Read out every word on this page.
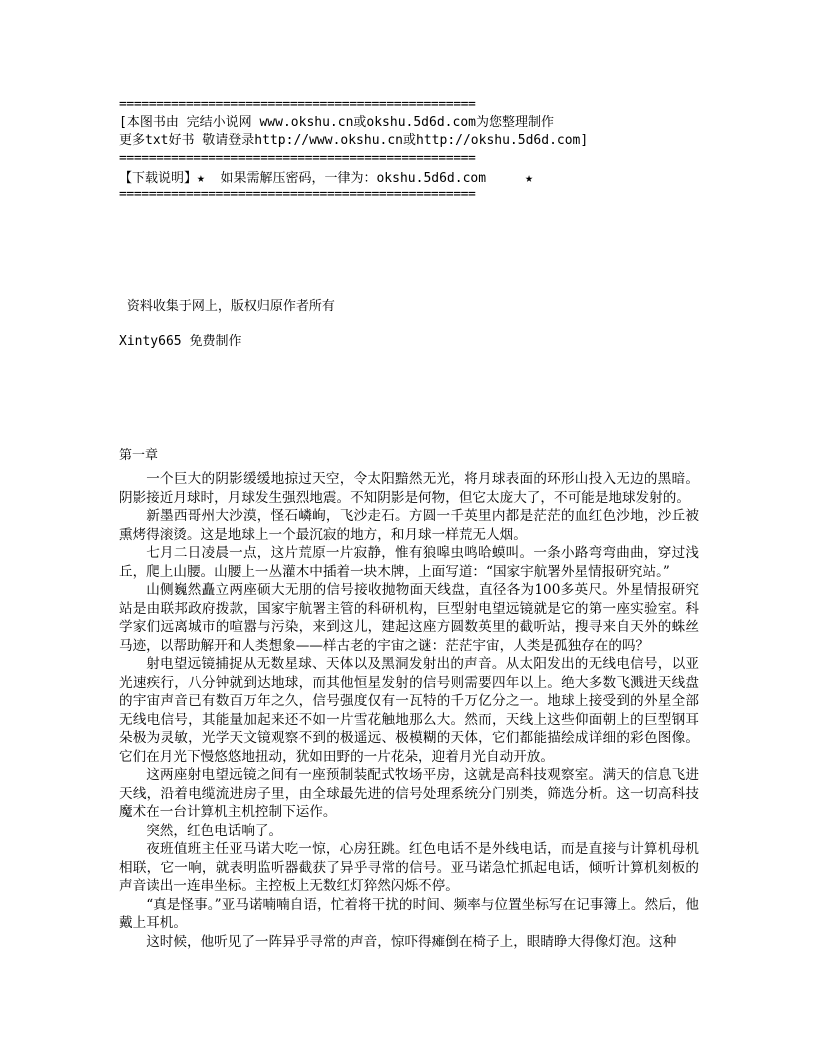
================================================
[本图书由 完结小说网 www.okshu.cn或okshu.5d6d.com为您整理制作
更多txt好书 敬请登录http://www.okshu.cn或http://okshu.5d6d.com]
================================================
【下载说明】★  如果需解压密码，一律为：okshu.5d6d.com     ★
================================================
资料收集于网上，版权归原作者所有
Xinty665 免费制作
第一章

一个巨大的阴影缓缓地掠过天空，令太阳黯然无光，将月球表面的环形山投入无边的黑暗。阴影接近月球时，月球发生强烈地震。不知阴影是何物，但它太庞大了，不可能是地球发射的。

新墨西哥州大沙漠，怪石嶙峋，飞沙走石。方圆一千英里内都是茫茫的血红色沙地，沙丘被熏烤得滚烫。这是地球上一个最沉寂的地方，和月球一样荒无人烟。

七月二日凌晨一点，这片荒原一片寂静，惟有狼嗥虫鸣哈蟆叫。一条小路弯弯曲曲，穿过浅丘，爬上山腰。山腰上一丛灌木中插着一块木牌，上面写道：“国家宇航署外星情报研究站。”

山侧巍然矗立两座硕大无朋的信号接收抛物面天线盘，直径各为100多英尺。外星情报研究站是由联邦政府拨款，国家宇航署主管的科研机构，巨型射电望远镜就是它的第一座实验室。科学家们远离城市的喧嚣与污染，来到这儿，建起这座方圆数英里的截听站，搜寻来自天外的蛛丝马迹，以帮助解开和人类想象——样古老的宇宙之谜：茫茫宇宙，人类是孤独存在的吗？

射电望远镜捕捉从无数星球、天体以及黑洞发射出的声音。从太阳发出的无线电信号，以亚光速疾行，八分钟就到达地球，而其他恒星发射的信号则需要四年以上。绝大多数飞溅进天线盘的宇宙声音已有数百万年之久，信号强度仅有一瓦特的千万亿分之一。地球上接受到的外星全部无线电信号，其能量加起来还不如一片雪花触地那么大。然而，天线上这些仰面朝上的巨型钢耳朵极为灵敏，光学天文镜观察不到的极遥远、极模糊的天体，它们都能描绘成详细的彩色图像。它们在月光下慢悠悠地扭动，犹如田野的一片花朵，迎着月光自动开放。

这两座射电望远镜之间有一座预制装配式牧场平房，这就是高科技观察室。满天的信息飞进天线，沿着电缆流进房子里，由全球最先进的信号处理系统分门别类，筛选分析。这一切高科技魔术在一台计算机主机控制下运作。

突然，红色电话响了。

夜班值班主任亚马诺大吃一惊，心房狂跳。红色电话不是外线电话，而是直接与计算机母机相联，它一响，就表明监听器截获了异乎寻常的信号。亚马诺急忙抓起电话，倾听计算机刻板的声音读出一连串坐标。主控板上无数红灯猝然闪烁不停。

“真是怪事。”亚马诺喃喃自语，忙着将干扰的时间、频率与位置坐标写在记事簿上。然后，他戴上耳机。

这时候，他听见了一阵异乎寻常的声音，惊吓得瘫倒在椅子上，眼睛睁大得像灯泡。这种
